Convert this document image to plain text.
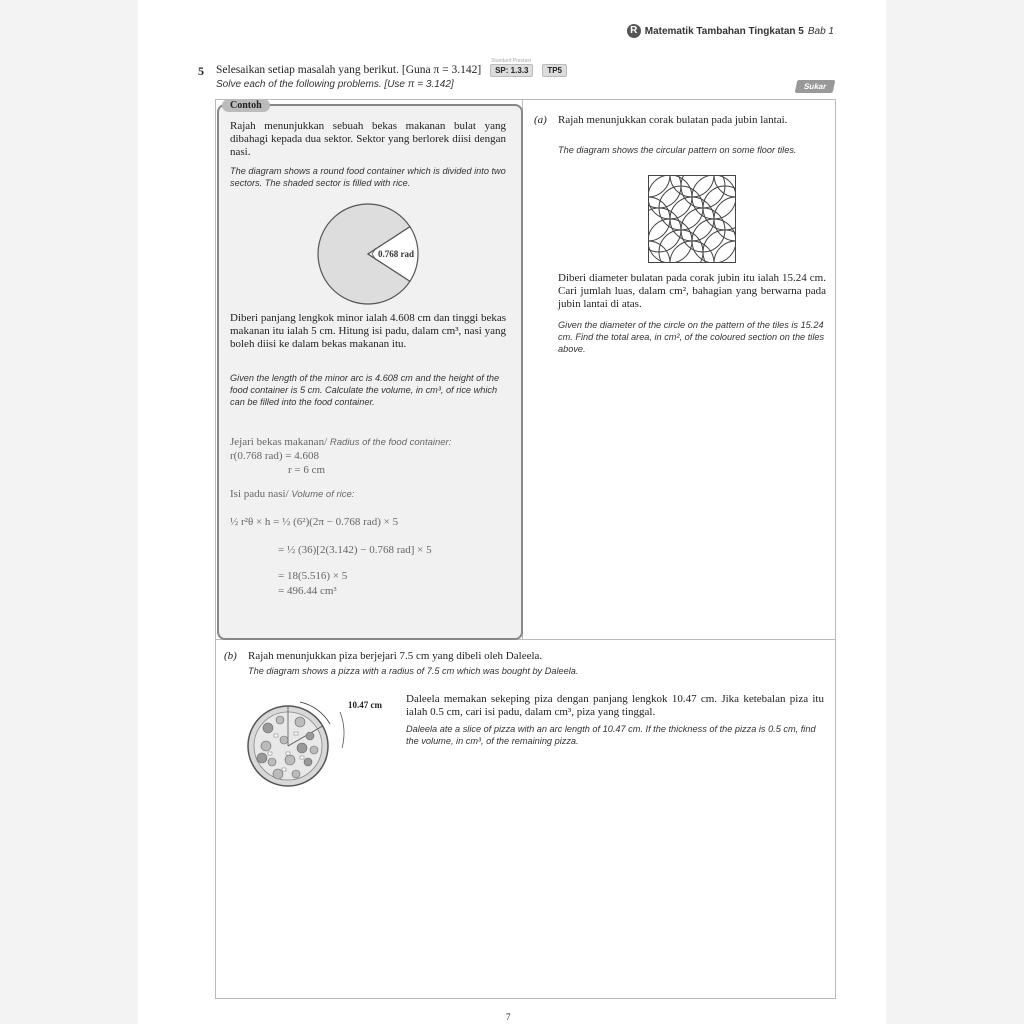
R Matematik Tambahan Tingkatan 5 Bab 1
5 Selesaikan setiap masalah yang berikut. [Guna π = 3.142] SP: 1.3.3 Standard Prestasi TP5
Solve each of the following problems. [Use π = 3.142]	Sukar
Contoh
Rajah menunjukkan sebuah bekas makanan bulat yang dibahagi kepada dua sektor. Sektor yang berlorek diisi dengan nasi.
The diagram shows a round food container which is divided into two sectors. The shaded sector is filled with rice.
0.768 rad
Diberi panjang lengkok minor ialah 4.608 cm dan tinggi bekas makanan itu ialah 5 cm. Hitung isi padu, dalam cm³, nasi yang boleh diisi ke dalam bekas makanan itu.
Given the length of the minor arc is 4.608 cm and the height of the food container is 5 cm. Calculate the volume, in cm³, of rice which can be filled into the food container.
Jejari bekas makanan/ Radius of the food container:
r(0.768 rad) = 4.608
r = 6 cm
Isi padu nasi/ Volume of rice:
½ r²θ × h = ½ (6²)(2π − 0.768 rad) × 5
= ½ (36)[2(3.142) − 0.768 rad] × 5
= 18(5.516) × 5
= 496.44 cm³
(a) Rajah menunjukkan corak bulatan pada jubin lantai.
The diagram shows the circular pattern on some floor tiles.
Diberi diameter bulatan pada corak jubin itu ialah 15.24 cm. Cari jumlah luas, dalam cm², bahagian yang berwarna pada jubin lantai di atas.
Given the diameter of the circle on the pattern of the tiles is 15.24 cm. Find the total area, in cm², of the coloured section on the tiles above.
(b) Rajah menunjukkan piza berjejari 7.5 cm yang dibeli oleh Daleela.
The diagram shows a pizza with a radius of 7.5 cm which was bought by Daleela.
10.47 cm Daleela memakan sekeping piza dengan panjang lengkok 10.47 cm. Jika ketebalan piza itu ialah 0.5 cm, cari isi padu, dalam cm³, piza yang tinggal.
Daleela ate a slice of pizza with an arc length of 10.47 cm. If the thickness of the pizza is 0.5 cm, find the volume, in cm³, of the remaining pizza.
7
